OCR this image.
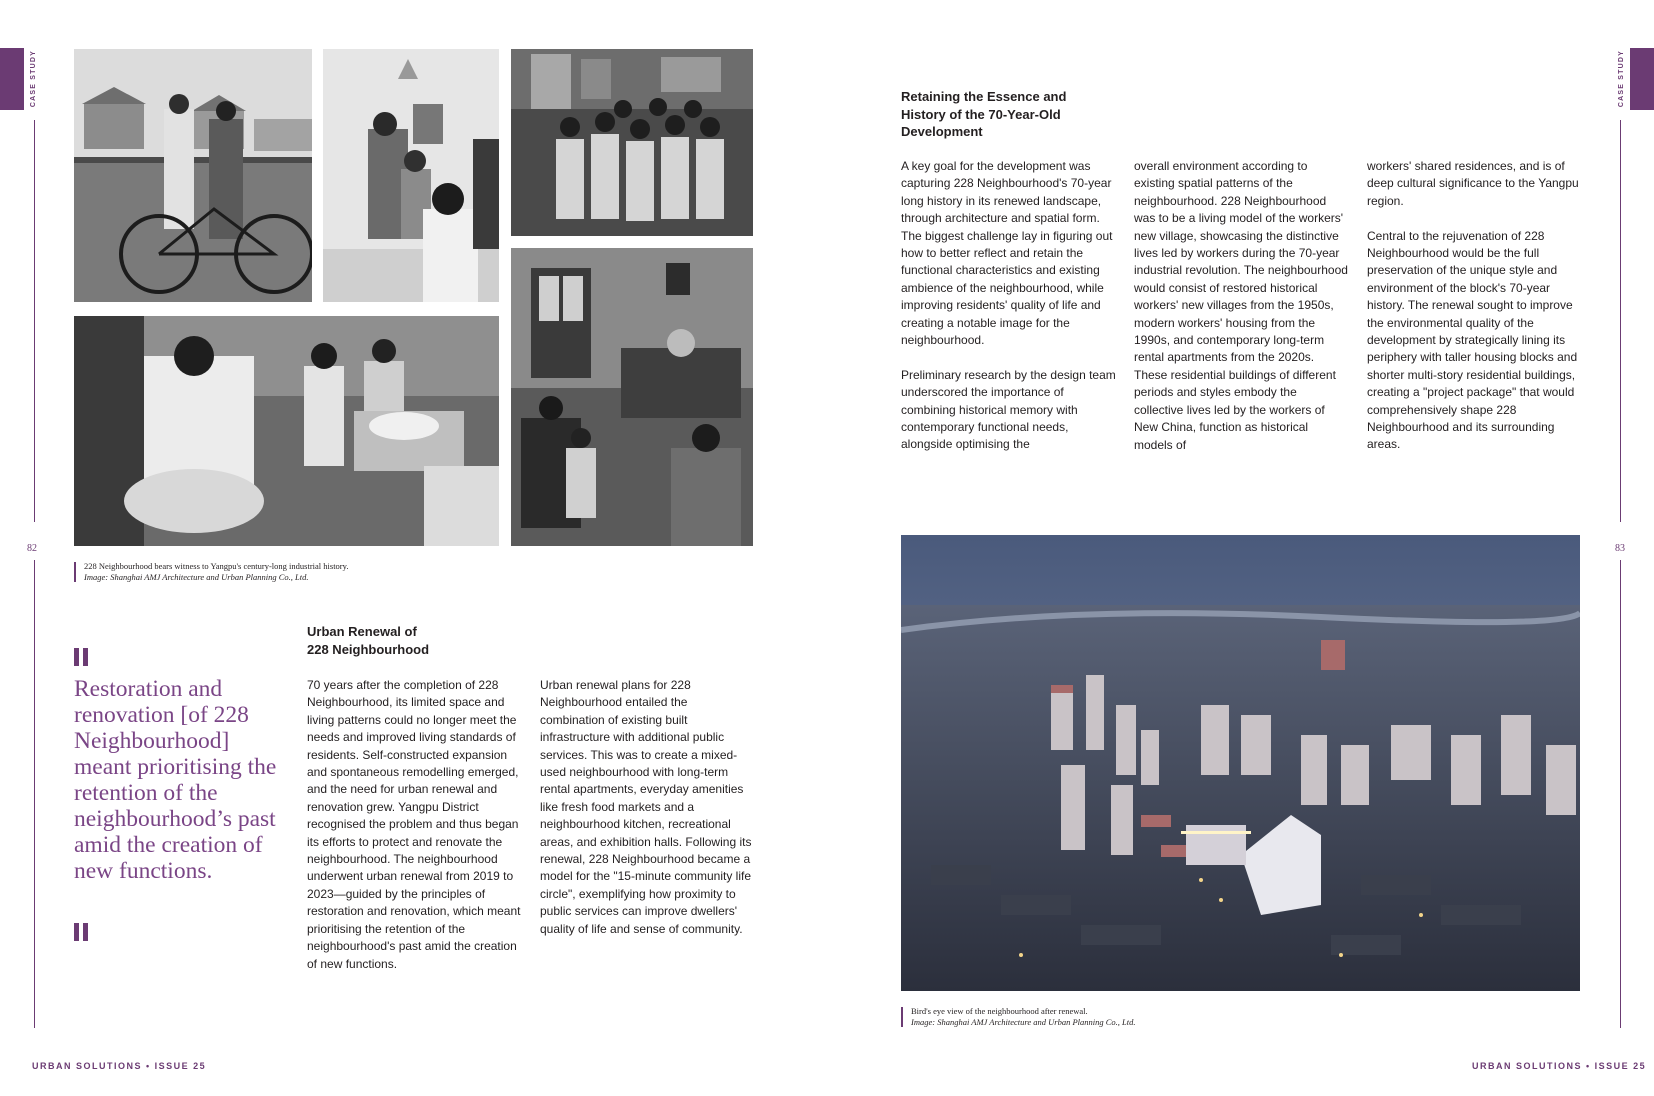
CASE STUDY	CASE STUDY
82	83
228 Neighbourhood bears witness to Yangpu's century-long industrial history.
Image: Shanghai AMJ Architecture and Urban Planning Co., Ltd.
Restoration and renovation [of 228 Neighbourhood] meant prioritising the retention of the neighbourhood’s past amid the creation of new functions.
Urban Renewal of
228 Neighbourhood

70 years after the completion of 228 Neighbourhood, its limited space and living patterns could no longer meet the needs and improved living standards of residents. Self-constructed expansion and spontaneous remodelling emerged, and the need for urban renewal and renovation grew. Yangpu District recognised the problem and thus began its efforts to protect and renovate the neighbourhood. The neighbourhood underwent urban renewal from 2019 to 2023—guided by the principles of restoration and renovation, which meant prioritising the retention of the neighbourhood's past amid the creation of new functions.

Urban renewal plans for 228 Neighbourhood entailed the combination of existing built infrastructure with additional public services. This was to create a mixed-used neighbourhood with long-term rental apartments, everyday amenities like fresh food markets and a neighbourhood kitchen, recreational areas, and exhibition halls. Following its renewal, 228 Neighbourhood became a model for the "15-minute community life circle", exemplifying how proximity to public services can improve dwellers' quality of life and sense of community.

Retaining the Essence and
History of the 70-Year-Old
Development

A key goal for the development was capturing 228 Neighbourhood's 70-year long history in its renewed landscape, through architecture and spatial form. The biggest challenge lay in figuring out how to better reflect and retain the functional characteristics and existing ambience of the neighbourhood, while improving residents' quality of life and creating a notable image for the neighbourhood.

Preliminary research by the design team underscored the importance of combining historical memory with contemporary functional needs, alongside optimising the

overall environment according to existing spatial patterns of the neighbourhood. 228 Neighbourhood was to be a living model of the workers' new village, showcasing the distinctive lives led by workers during the 70-year industrial revolution. The neighbourhood would consist of restored historical workers' new villages from the 1950s, modern workers' housing from the 1990s, and contemporary long-term rental apartments from the 2020s. These residential buildings of different periods and styles embody the collective lives led by the workers of New China, function as historical models of

workers' shared residences, and is of deep cultural significance to the Yangpu region.

Central to the rejuvenation of 228 Neighbourhood would be the full preservation of the unique style and environment of the block's 70-year history. The renewal sought to improve the environmental quality of the development by strategically lining its periphery with taller housing blocks and shorter multi-story residential buildings, creating a "project package" that would comprehensively shape 228 Neighbourhood and its surrounding areas.

Bird's eye view of the neighbourhood after renewal.
Image: Shanghai AMJ Architecture and Urban Planning Co., Ltd.
URBAN SOLUTIONS • ISSUE 25	URBAN SOLUTIONS • ISSUE 25
